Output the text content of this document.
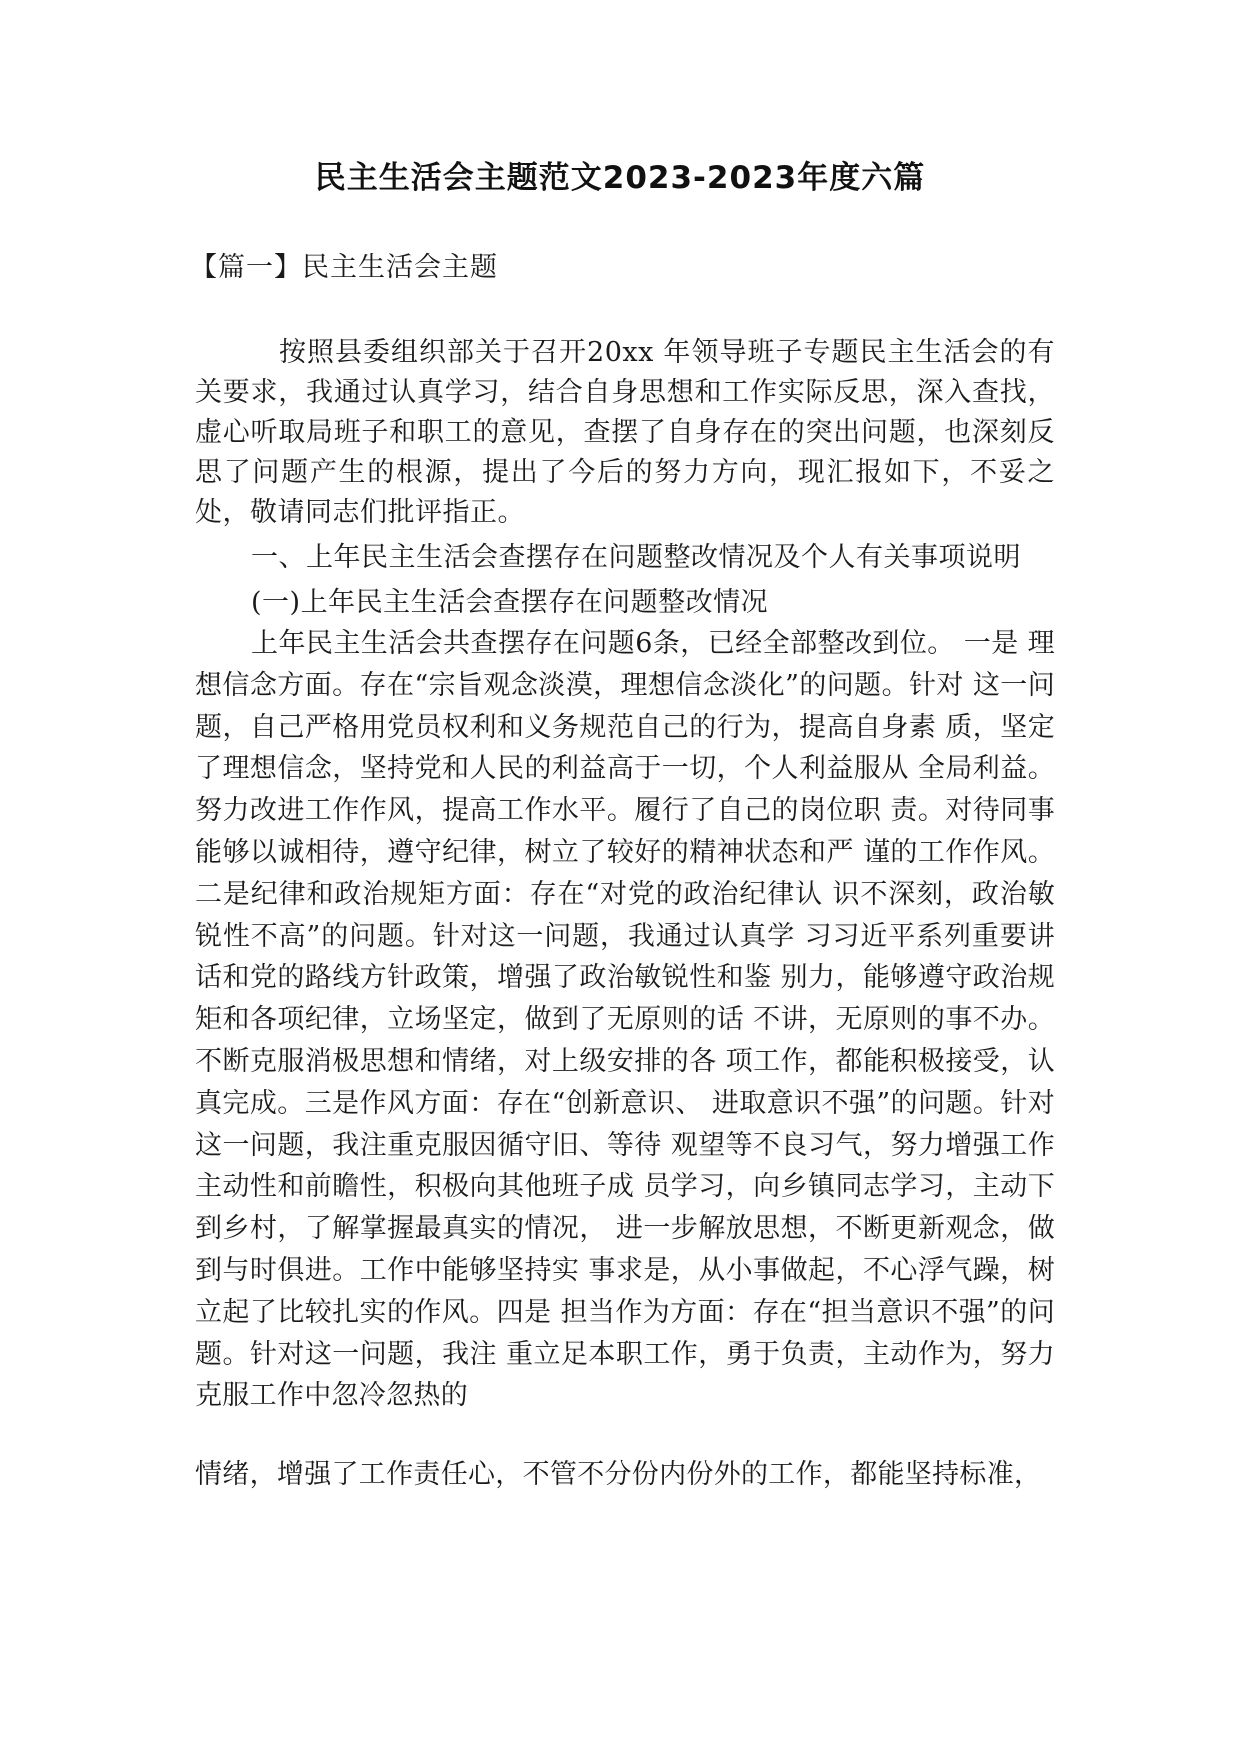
民主生活会主题范文2023-2023年度六篇
【篇一】民主生活会主题
按照县委组织部关于召开20xx 年领导班子专题民主生活会的有关要求，我通过认真学习，结合自身思想和工作实际反思，深入查找，虚心听取局班子和职工的意见，查摆了自身存在的突出问题，也深刻反思了问题产生的根源，提出了今后的努力方向，现汇报如下，不妥之处，敬请同志们批评指正。
一、上年民主生活会查摆存在问题整改情况及个人有关事项说明
(一)上年民主生活会查摆存在问题整改情况
上年民主生活会共查摆存在问题6条，已经全部整改到位。 一是 理想信念方面。存在“宗旨观念淡漠，理想信念淡化”的问题。针对 这一问题，自己严格用党员权利和义务规范自己的行为，提高自身素 质，坚定了理想信念，坚持党和人民的利益高于一切，个人利益服从 全局利益。努力改进工作作风，提高工作水平。履行了自己的岗位职 责。对待同事能够以诚相待，遵守纪律，树立了较好的精神状态和严 谨的工作作风。二是纪律和政治规矩方面：存在“对党的政治纪律认 识不深刻，政治敏锐性不高”的问题。针对这一问题，我通过认真学 习习近平系列重要讲话和党的路线方针政策，增强了政治敏锐性和鉴 别力，能够遵守政治规矩和各项纪律，立场坚定，做到了无原则的话 不讲，无原则的事不办。不断克服消极思想和情绪，对上级安排的各 项工作，都能积极接受，认真完成。三是作风方面：存在“创新意识、 进取意识不强”的问题。针对这一问题，我注重克服因循守旧、等待 观望等不良习气，努力增强工作主动性和前瞻性，积极向其他班子成 员学习，向乡镇同志学习，主动下到乡村，了解掌握最真实的情况， 进一步解放思想，不断更新观念，做到与时俱进。工作中能够坚持实 事求是，从小事做起，不心浮气躁，树立起了比较扎实的作风。四是 担当作为方面：存在“担当意识不强”的问题。针对这一问题，我注 重立足本职工作，勇于负责，主动作为，努力克服工作中忽冷忽热的
情绪，增强了工作责任心，不管不分份内份外的工作，都能坚持标准，
